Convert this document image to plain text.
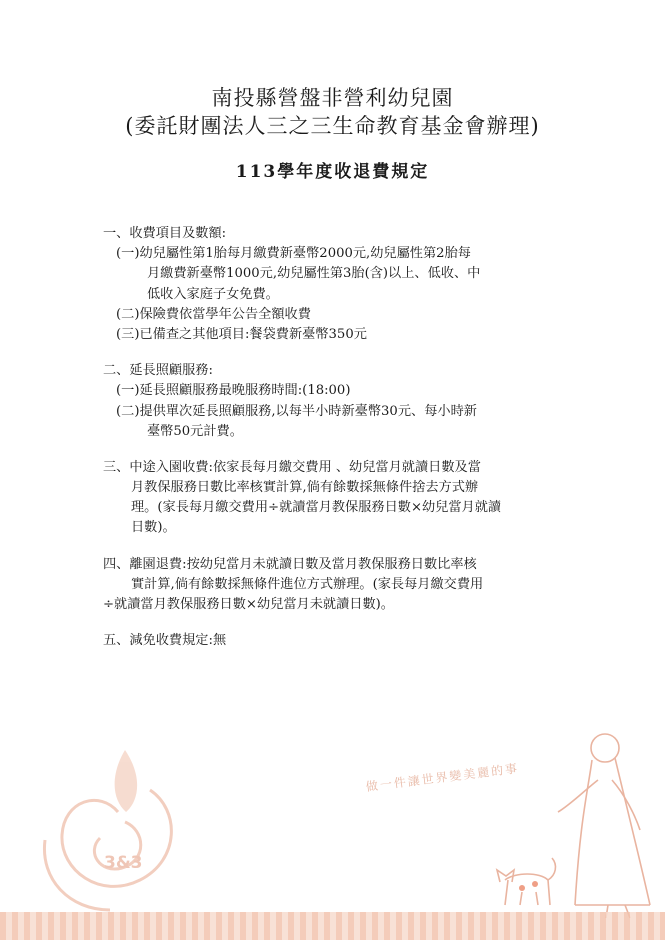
南投縣營盤非營利幼兒園
(委託財團法人三之三生命教育基金會辦理)
113學年度收退費規定
一、收費項目及數額:
(一)幼兒屬性第1胎每月繳費新臺幣2000元,幼兒屬性第2胎每
月繳費新臺幣1000元,幼兒屬性第3胎(含)以上、低收、中
低收入家庭子女免費。
(二)保險費依當學年公告全額收費
(三)已備查之其他項目:餐袋費新臺幣350元
二、延長照顧服務:
(一)延長照顧服務最晚服務時間:(18:00)
(二)提供單次延長照顧服務,以每半小時新臺幣30元、每小時新
臺幣50元計費。
三、中途入園收費:依家長每月繳交費用 、幼兒當月就讀日數及當
月教保服務日數比率核實計算,倘有餘數採無條件捨去方式辦
理。(家長每月繳交費用÷就讀當月教保服務日數×幼兒當月就讀
日數)。
四、離園退費:按幼兒當月未就讀日數及當月教保服務日數比率核
實計算,倘有餘數採無條件進位方式辦理。(家長每月繳交費用
÷就讀當月教保服務日數×幼兒當月未就讀日數)。
五、減免收費規定:無
做一件讓世界變美麗的事
3&3
